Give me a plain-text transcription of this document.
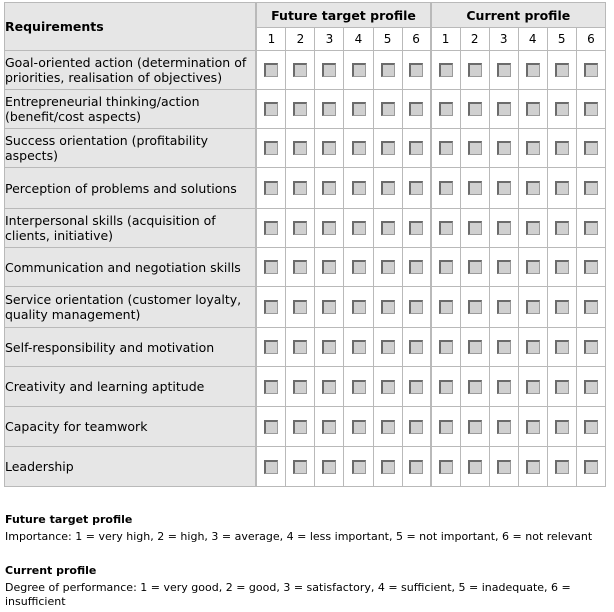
Requirements	Future target profile						Current profile					
	1	2	3	4	5	6	1	2	3	4	5	6
Goal-oriented action (determination of priorities, realisation of objectives)												
Entrepreneurial thinking/action (benefit/cost aspects)												
Success orientation (profitability aspects)												
Perception of problems and solutions												
Interpersonal skills (acquisition of clients, initiative)												
Communication and negotiation skills												
Service orientation (customer loyalty, quality management)												
Self-responsibility and motivation												
Creativity and learning aptitude												
Capacity for teamwork												
Leadership												
Future target profile
Importance: 1 = very high, 2 = high, 3 = average, 4 = less important, 5 = not important, 6 = not relevant
Current profile
Degree of performance: 1 = very good, 2 = good, 3 = satisfactory, 4 = sufficient, 5 = inadequate, 6 = insufficient
